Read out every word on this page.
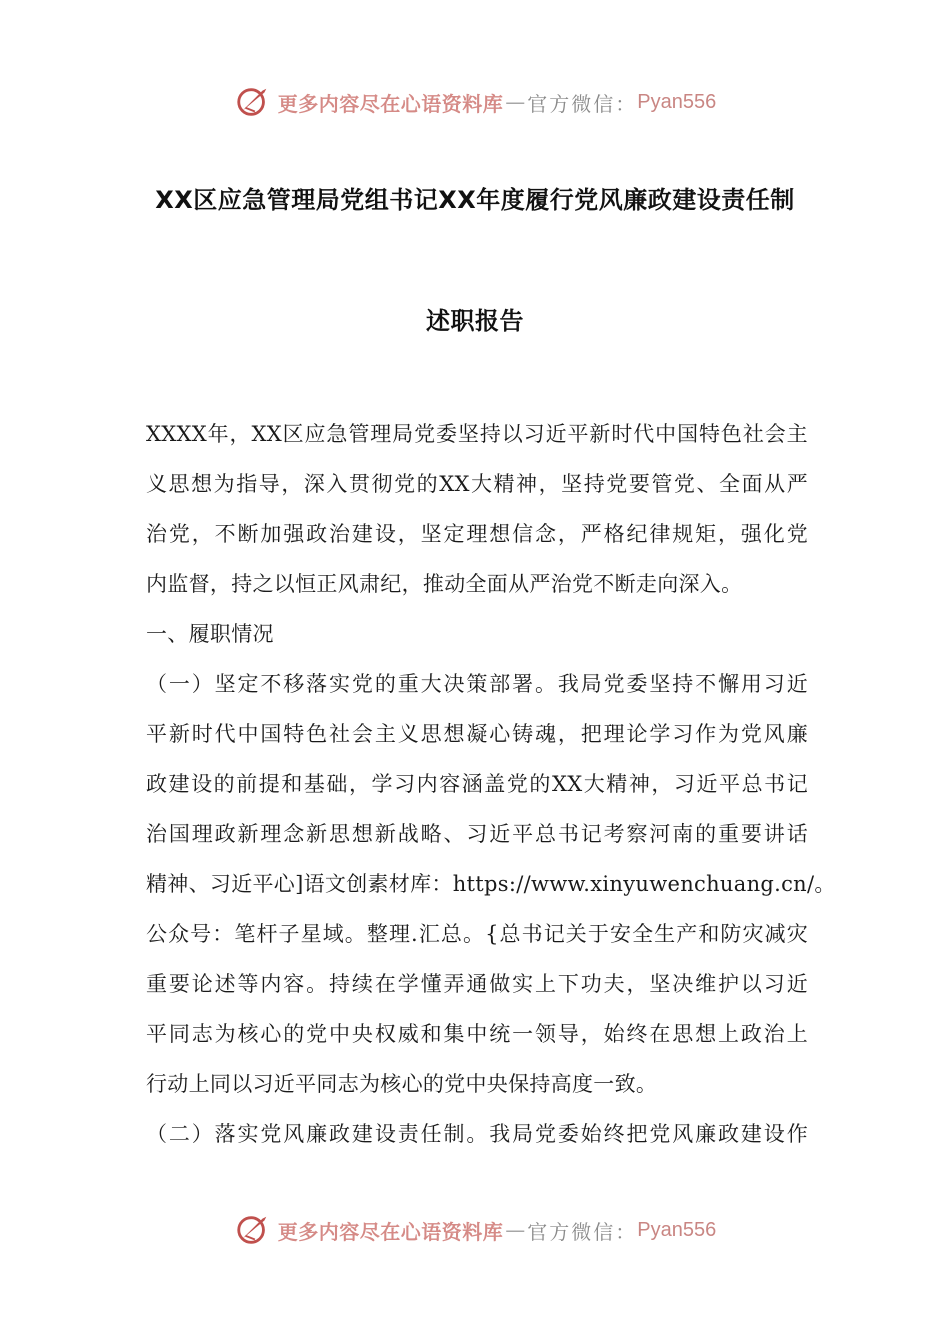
更多内容尽在心语资料库 — 官方微信： Pyan556
XX区应急管理局党组书记XX年度履行党风廉政建设责任制
述职报告
XXXX年，XX区应急管理局党委坚持以习近平新时代中国特色社会主
义思想为指导，深入贯彻党的XX大精神，坚持党要管党、全面从严
治党，不断加强政治建设，坚定理想信念，严格纪律规矩，强化党
内监督，持之以恒正风肃纪，推动全面从严治党不断走向深入。
一、履职情况
（一）坚定不移落实党的重大决策部署。我局党委坚持不懈用习近
平新时代中国特色社会主义思想凝心铸魂，把理论学习作为党风廉
政建设的前提和基础，学习内容涵盖党的XX大精神，习近平总书记
治国理政新理念新思想新战略、习近平总书记考察河南的重要讲话
精神、习近平心]语文创素材库：https://www.xinyuwenchuang.cn/。
公众号：笔杆子星域。整理.汇总。{总书记关于安全生产和防灾减灾
重要论述等内容。持续在学懂弄通做实上下功夫，坚决维护以习近
平同志为核心的党中央权威和集中统一领导，始终在思想上政治上
行动上同以习近平同志为核心的党中央保持高度一致。
（二）落实党风廉政建设责任制。我局党委始终把党风廉政建设作
更多内容尽在心语资料库 — 官方微信： Pyan556
